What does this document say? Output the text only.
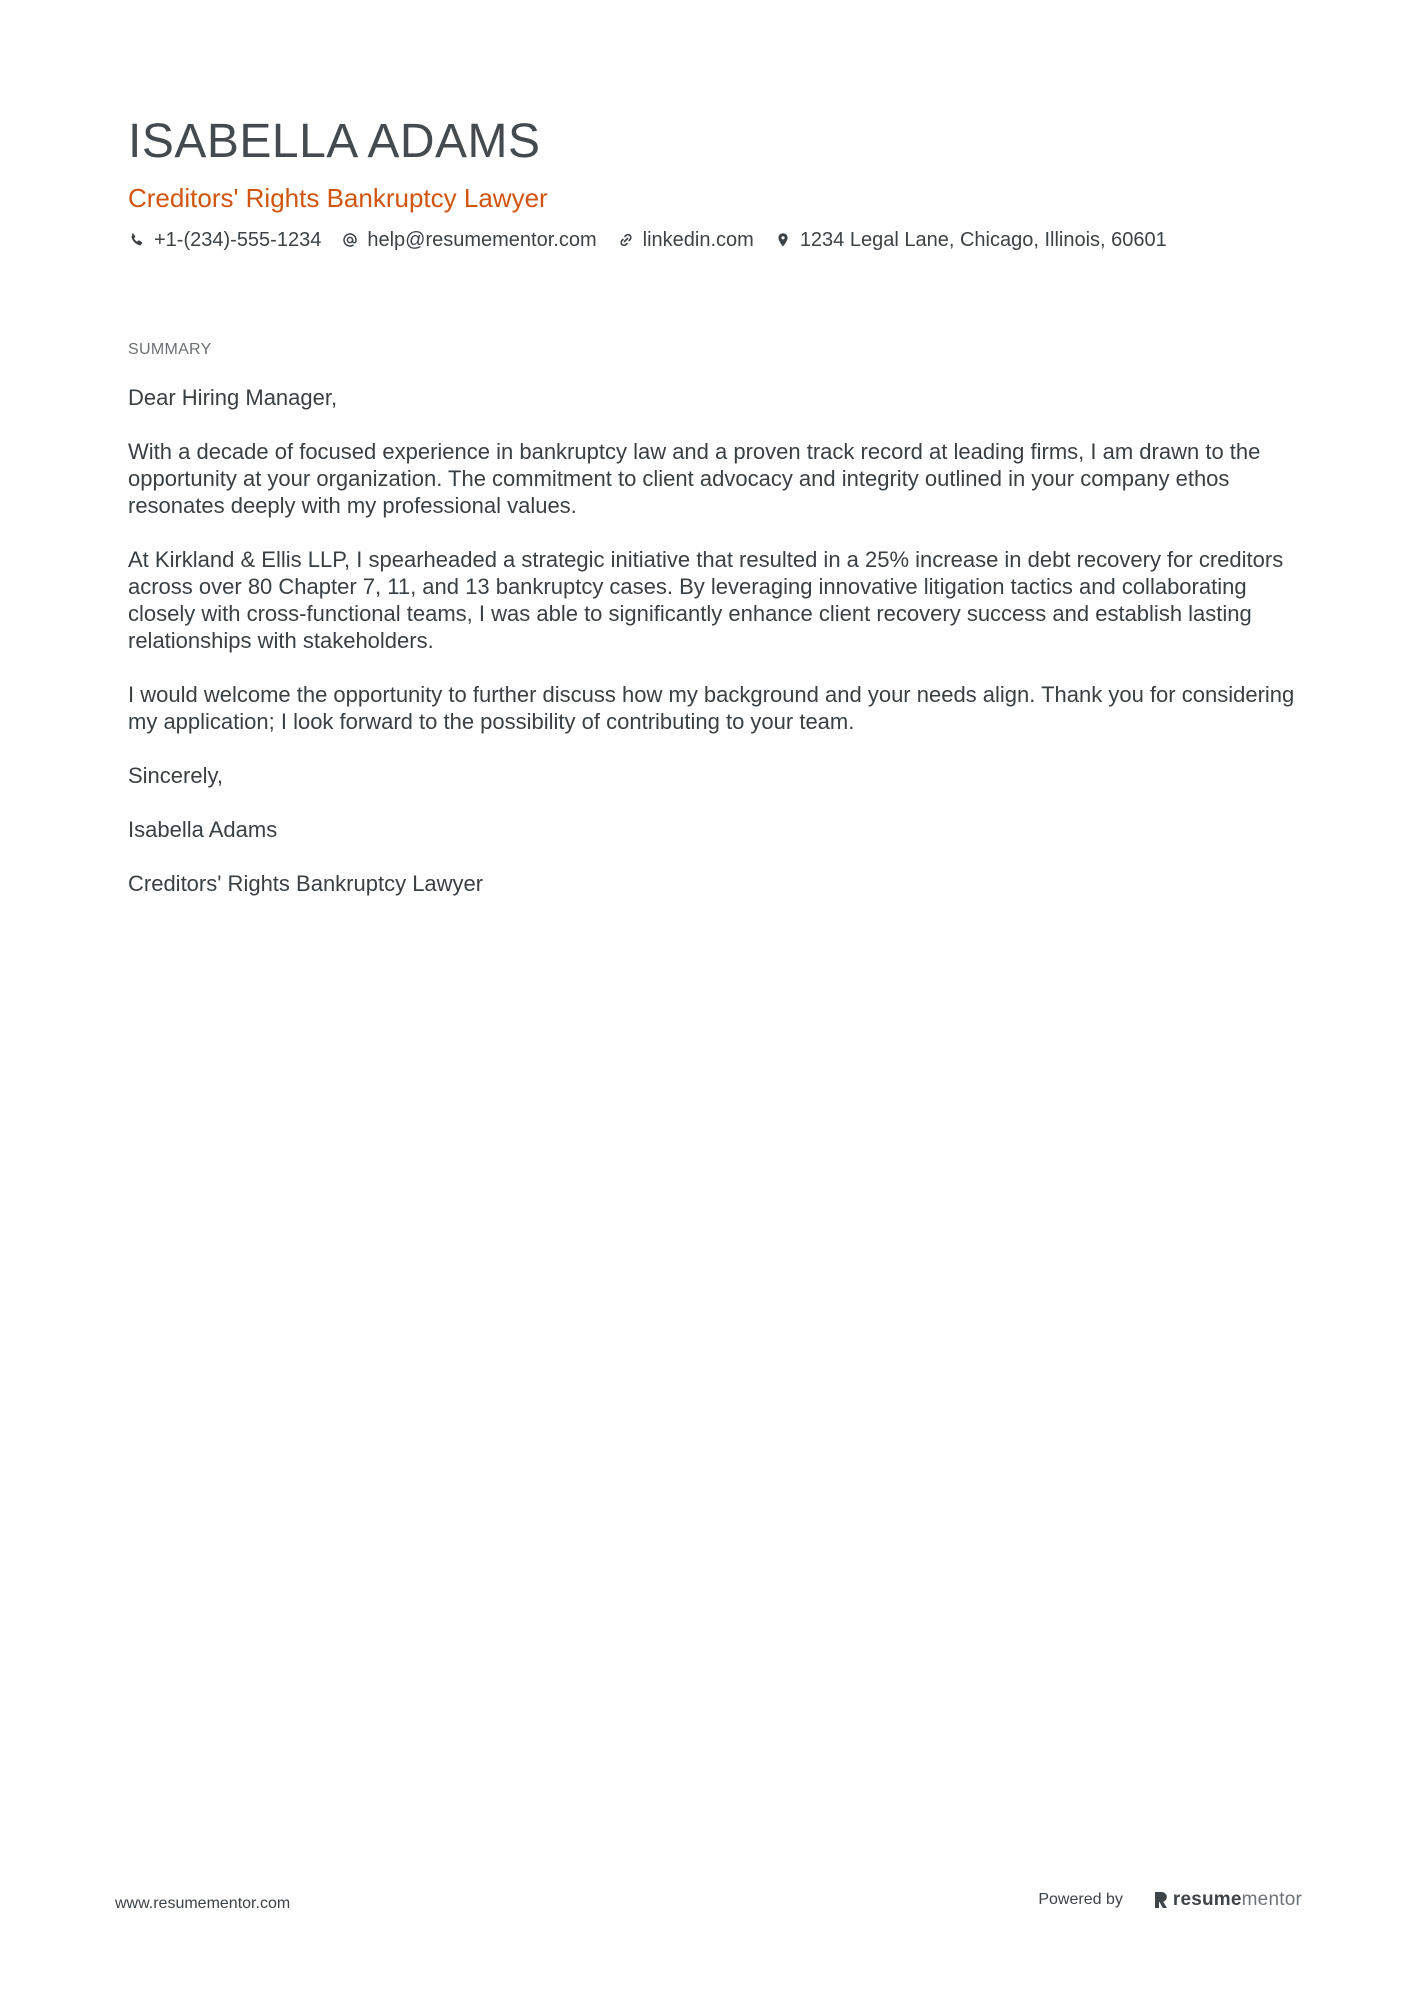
ISABELLA ADAMS
Creditors' Rights Bankruptcy Lawyer
+1-(234)-555-1234 help@resumementor.com linkedin.com 1234 Legal Lane, Chicago, Illinois, 60601
SUMMARY

Dear Hiring Manager,

With a decade of focused experience in bankruptcy law and a proven track record at leading firms, I am drawn to the opportunity at your organization. The commitment to client advocacy and integrity outlined in your company ethos resonates deeply with my professional values.

At Kirkland & Ellis LLP, I spearheaded a strategic initiative that resulted in a 25% increase in debt recovery for creditors across over 80 Chapter 7, 11, and 13 bankruptcy cases. By leveraging innovative litigation tactics and collaborating closely with cross-functional teams, I was able to significantly enhance client recovery success and establish lasting relationships with stakeholders.

I would welcome the opportunity to further discuss how my background and your needs align. Thank you for considering my application; I look forward to the possibility of contributing to your team.

Sincerely,

Isabella Adams

Creditors' Rights Bankruptcy Lawyer

www.resumementor.com	Powered by	resume mentor
